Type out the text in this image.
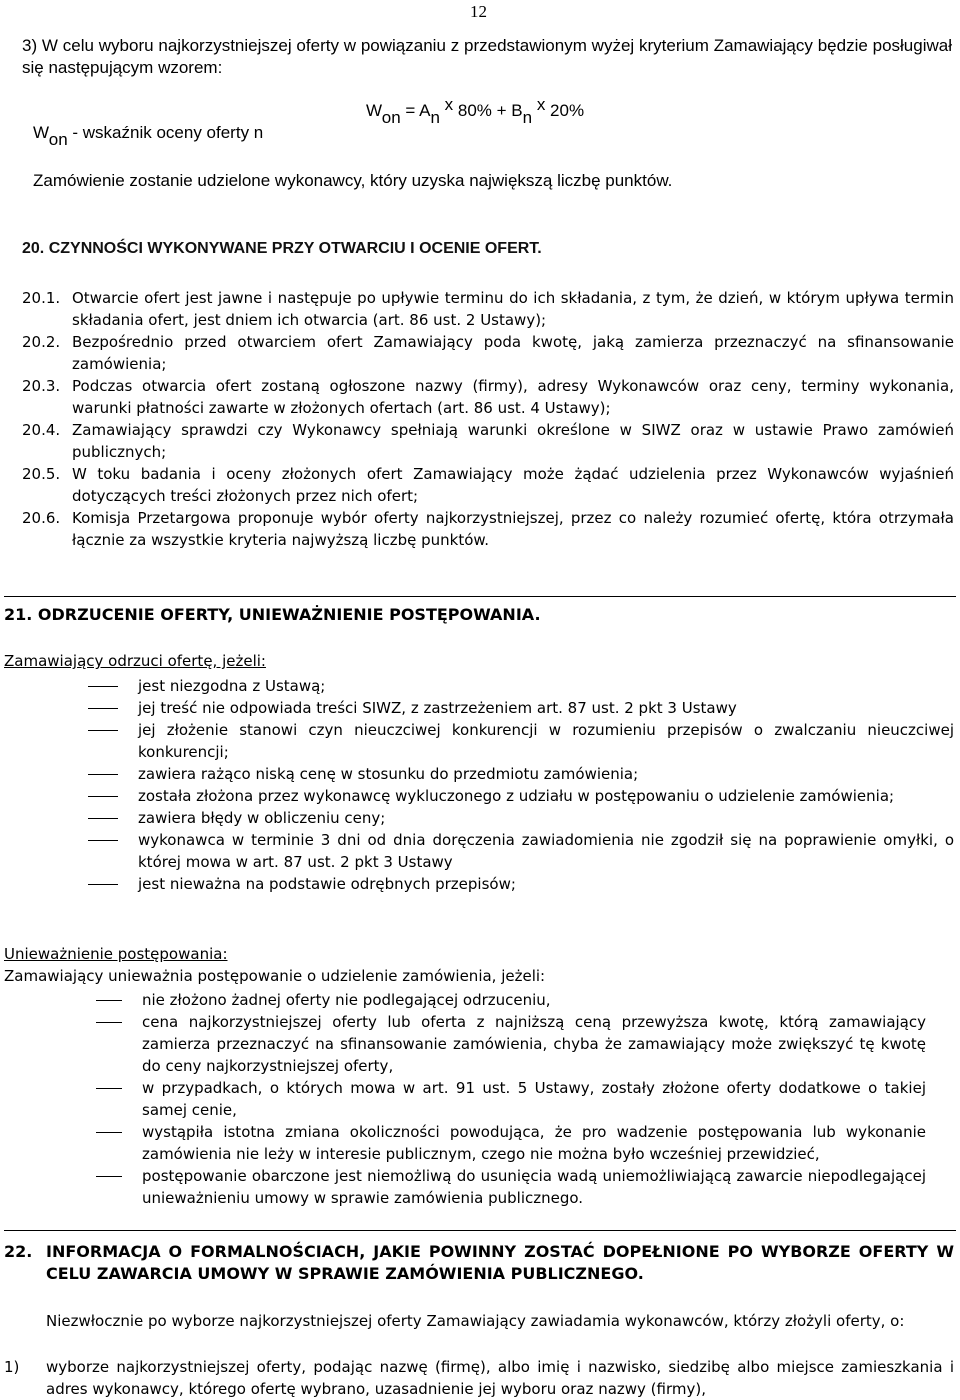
12
3) W celu wyboru najkorzystniejszej oferty w powiązaniu z przedstawionym wyżej kryterium Zamawiający będzie posługiwał się następującym wzorem:
Won = An x 80% + Bn x 20%
Won - wskaźnik oceny oferty n
Zamówienie zostanie udzielone wykonawcy, który uzyska największą liczbę punktów.
20. CZYNNOŚCI WYKONYWANE PRZY OTWARCIU I OCENIE OFERT.
20.1. Otwarcie ofert jest jawne i następuje po upływie terminu do ich składania, z tym, że dzień, w którym upływa termin składania ofert, jest dniem ich otwarcia (art. 86 ust. 2 Ustawy);
20.2. Bezpośrednio przed otwarciem ofert Zamawiający poda kwotę, jaką zamierza przeznaczyć na sfinansowanie zamówienia;
20.3. Podczas otwarcia ofert zostaną ogłoszone nazwy (firmy), adresy Wykonawców oraz ceny, terminy wykonania, warunki płatności zawarte w złożonych ofertach (art. 86 ust. 4 Ustawy);
20.4. Zamawiający sprawdzi czy Wykonawcy spełniają warunki określone w SIWZ oraz w ustawie Prawo zamówień publicznych;
20.5. W toku badania i oceny złożonych ofert Zamawiający może żądać udzielenia przez Wykonawców wyjaśnień dotyczących treści złożonych przez nich ofert;
20.6. Komisja Przetargowa proponuje wybór oferty najkorzystniejszej, przez co należy rozumieć ofertę, która otrzymała łącznie za wszystkie kryteria najwyższą liczbę punktów.
21. ODRZUCENIE OFERTY, UNIEWAŻNIENIE POSTĘPOWANIA.
Zamawiający odrzuci ofertę, jeżeli:
jest niezgodna z Ustawą;
jej treść nie odpowiada treści SIWZ, z zastrzeżeniem art. 87 ust. 2 pkt 3 Ustawy
jej złożenie stanowi czyn nieuczciwej konkurencji w rozumieniu przepisów o zwalczaniu nieuczciwej konkurencji;
zawiera rażąco niską cenę w stosunku do przedmiotu zamówienia;
została złożona przez wykonawcę wykluczonego z udziału w postępowaniu o udzielenie zamówienia;
zawiera błędy w obliczeniu ceny;
wykonawca w terminie 3 dni od dnia doręczenia zawiadomienia nie zgodził się na poprawienie omyłki, o której mowa w art. 87 ust. 2 pkt 3 Ustawy
jest nieważna na podstawie odrębnych przepisów;
Unieważnienie postępowania:
Zamawiający unieważnia postępowanie o udzielenie zamówienia, jeżeli:
nie złożono żadnej oferty nie podlegającej odrzuceniu,
cena najkorzystniejszej oferty lub oferta z najniższą ceną przewyższa kwotę, którą zamawiający zamierza przeznaczyć na sfinansowanie zamówienia, chyba że zamawiający może zwiększyć tę kwotę do ceny najkorzystniejszej oferty,
w przypadkach, o których mowa w art. 91 ust. 5 Ustawy, zostały złożone oferty dodatkowe o takiej samej cenie,
wystąpiła istotna zmiana okoliczności powodująca, że pro wadzenie postępowania lub wykonanie zamówienia nie leży w interesie publicznym, czego nie można było wcześniej przewidzieć,
postępowanie obarczone jest niemożliwą do usunięcia wadą uniemożliwiającą zawarcie niepodlegającej unieważnieniu umowy w sprawie zamówienia publicznego.
22. INFORMACJA O FORMALNOŚCIACH, JAKIE POWINNY ZOSTAĆ DOPEŁNIONE PO WYBORZE OFERTY W CELU ZAWARCIA UMOWY W SPRAWIE ZAMÓWIENIA PUBLICZNEGO.
Niezwłocznie po wyborze najkorzystniejszej oferty Zamawiający zawiadamia wykonawców, którzy złożyli oferty, o:
1) wyborze najkorzystniejszej oferty, podając nazwę (firmę), albo imię i nazwisko, siedzibę albo miejsce zamieszkania i adres wykonawcy, którego ofertę wybrano, uzasadnienie jej wyboru oraz nazwy (firmy),
